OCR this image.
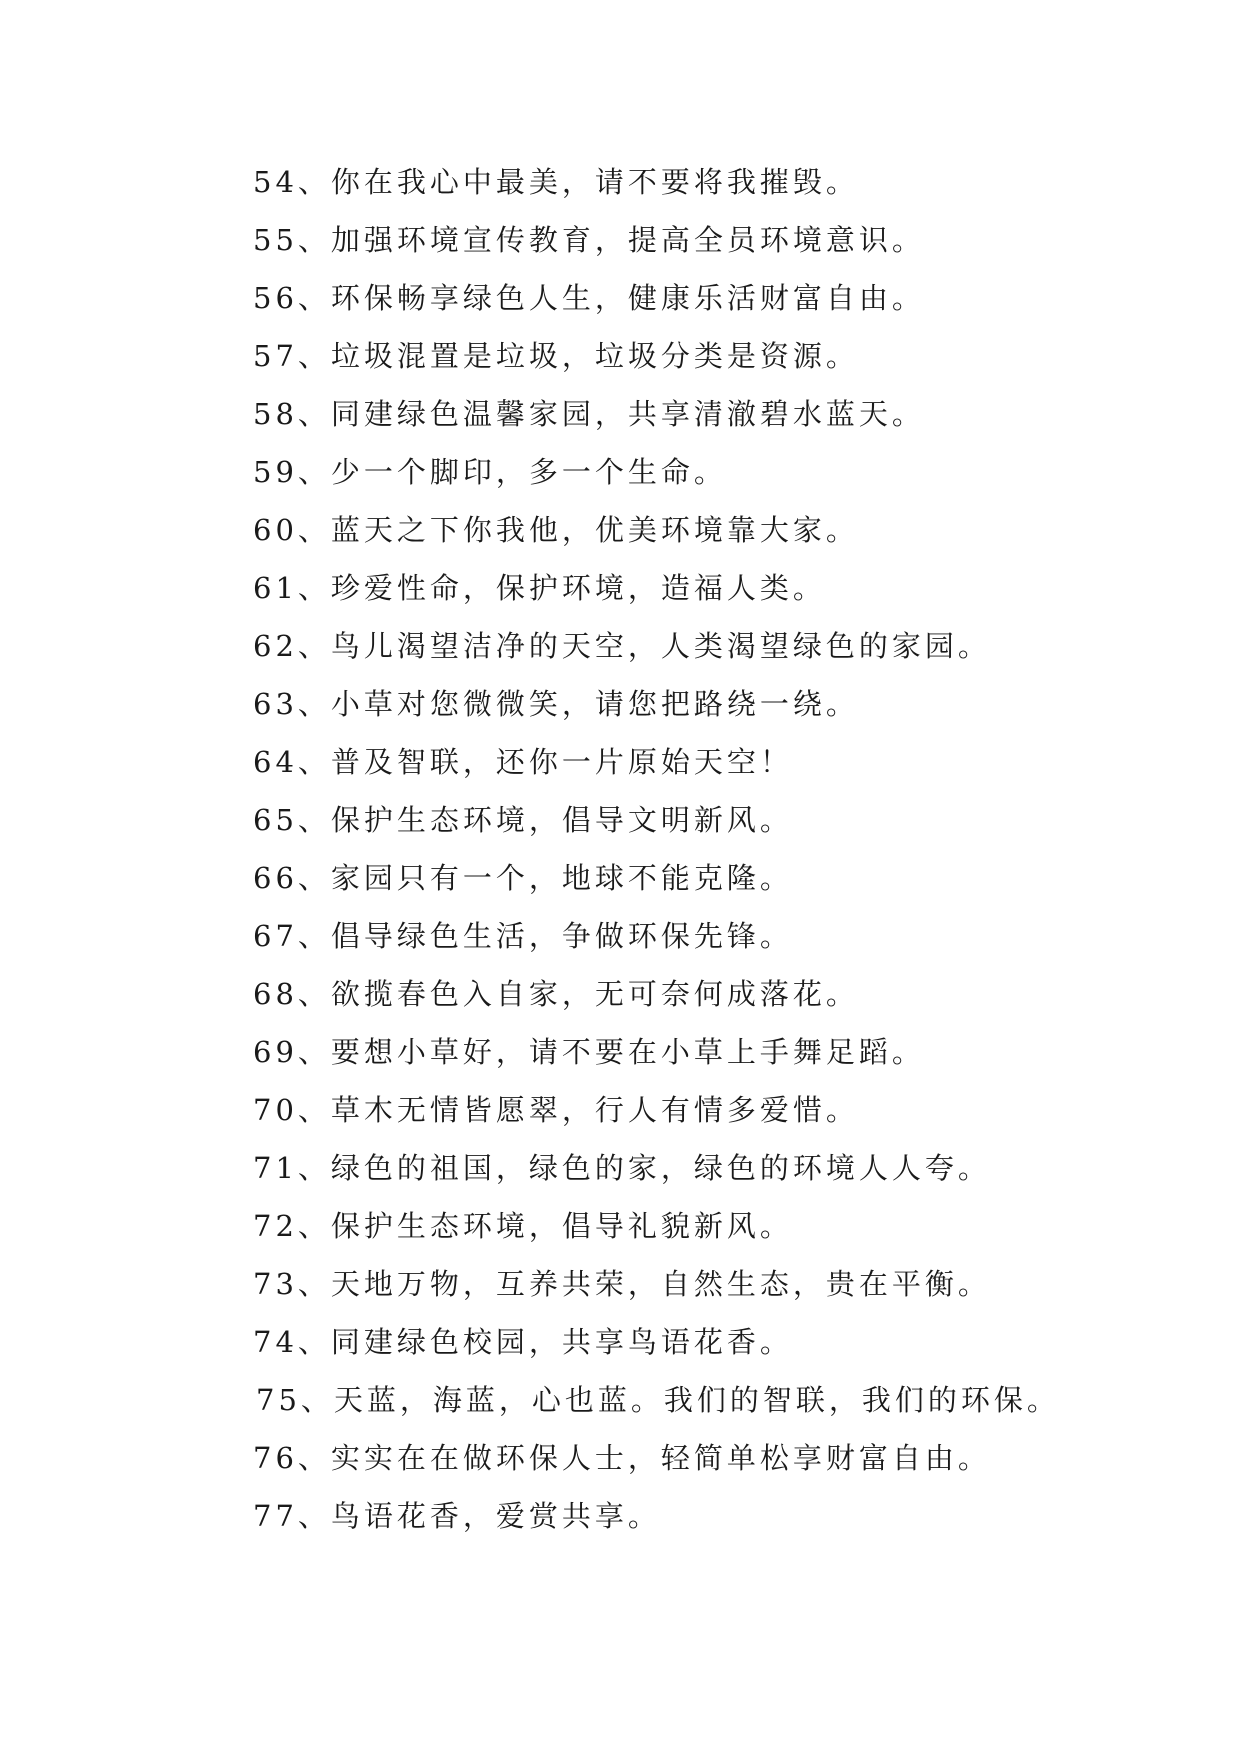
54、你在我心中最美，请不要将我摧毁。
55、加强环境宣传教育，提高全员环境意识。
56、环保畅享绿色人生，健康乐活财富自由。
57、垃圾混置是垃圾，垃圾分类是资源。
58、同建绿色温馨家园，共享清澈碧水蓝天。
59、少一个脚印，多一个生命。
60、蓝天之下你我他，优美环境靠大家。
61、珍爱性命，保护环境，造福人类。
62、鸟儿渴望洁净的天空，人类渴望绿色的家园。
63、小草对您微微笑，请您把路绕一绕。
64、普及智联，还你一片原始天空！
65、保护生态环境，倡导文明新风。
66、家园只有一个，地球不能克隆。
67、倡导绿色生活，争做环保先锋。
68、欲揽春色入自家，无可奈何成落花。
69、要想小草好，请不要在小草上手舞足蹈。
70、草木无情皆愿翠，行人有情多爱惜。
71、绿色的祖国，绿色的家，绿色的环境人人夸。
72、保护生态环境，倡导礼貌新风。
73、天地万物，互养共荣，自然生态，贵在平衡。
74、同建绿色校园，共享鸟语花香。
75、天蓝，海蓝，心也蓝。我们的智联，我们的环保。
76、实实在在做环保人士，轻简单松享财富自由。
77、鸟语花香，爱赏共享。
